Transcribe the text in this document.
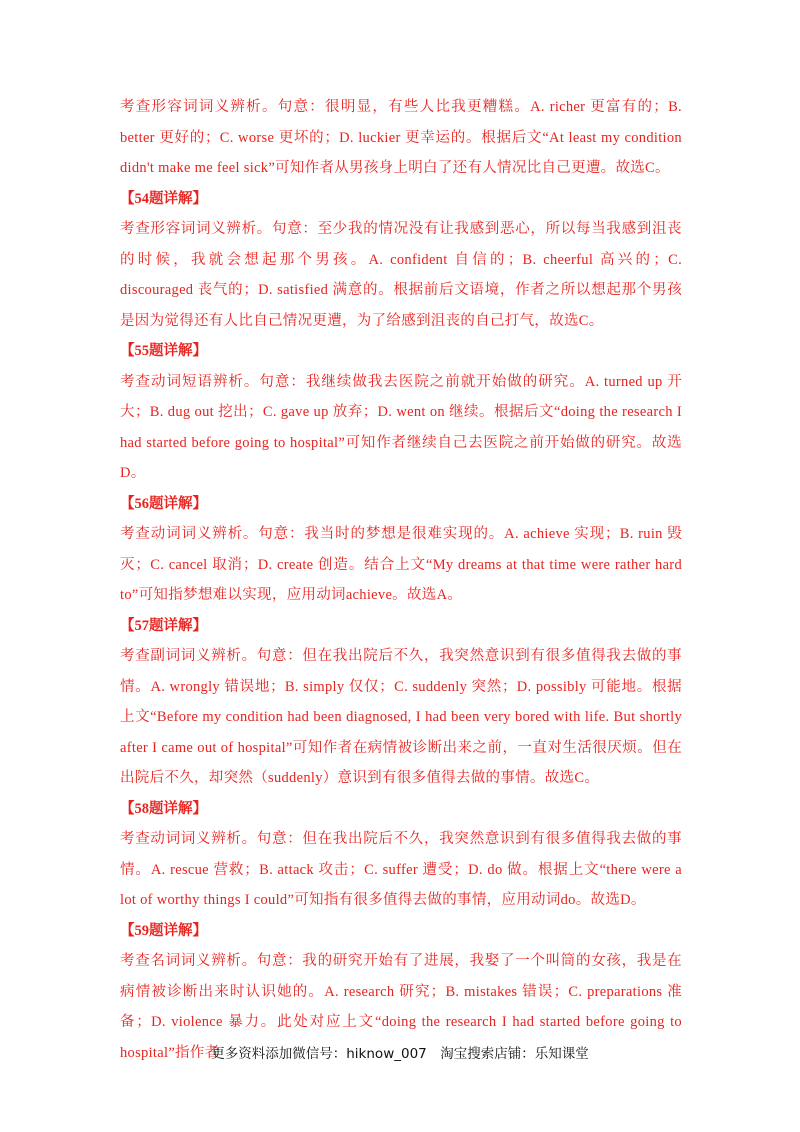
考查形容词词义辨析。句意：很明显，有些人比我更糟糕。A. richer 更富有的；B. better 更好的；C. worse 更坏的；D. luckier 更幸运的。根据后文“At least my condition didn't make me feel sick”可知作者从男孩身上明白了还有人情况比自己更遭。故选C。

【54题详解】

考查形容词词义辨析。句意：至少我的情况没有让我感到恶心，所以每当我感到沮丧的时候，我就会想起那个男孩。A. confident 自信的；B. cheerful 高兴的；C. discouraged 丧气的；D. satisfied 满意的。根据前后文语境，作者之所以想起那个男孩是因为觉得还有人比自己情况更遭，为了给感到沮丧的自己打气，故选C。

【55题详解】

考查动词短语辨析。句意：我继续做我去医院之前就开始做的研究。A. turned up 开大；B. dug out 挖出；C. gave up 放弃；D. went on 继续。根据后文“doing the research I had started before going to hospital”可知作者继续自己去医院之前开始做的研究。故选D。

【56题详解】

考查动词词义辨析。句意：我当时的梦想是很难实现的。A. achieve 实现；B. ruin 毁灭；C. cancel 取消；D. create 创造。结合上文“My dreams at that time were rather hard to”可知指梦想难以实现，应用动词achieve。故选A。

【57题详解】

考查副词词义辨析。句意：但在我出院后不久，我突然意识到有很多值得我去做的事情。A. wrongly 错误地；B. simply 仅仅；C. suddenly 突然；D. possibly 可能地。根据上文“Before my condition had been diagnosed, I had been very bored with life. But shortly after I came out of hospital”可知作者在病情被诊断出来之前，一直对生活很厌烦。但在出院后不久，却突然（suddenly）意识到有很多值得去做的事情。故选C。

【58题详解】

考查动词词义辨析。句意：但在我出院后不久，我突然意识到有很多值得我去做的事情。A. rescue 营救；B. attack 攻击；C. suffer 遭受；D. do 做。根据上文“there were a lot of worthy things I could”可知指有很多值得去做的事情，应用动词do。故选D。

【59题详解】

考查名词词义辨析。句意：我的研究开始有了进展，我娶了一个叫筒的女孩，我是在病情被诊断出来时认识她的。A. research 研究；B. mistakes 错误；C. preparations 准备；D. violence 暴力。此处对应上文“doing the research I had started before going to hospital”指作者

更多资料添加微信号：hiknow_007　淘宝搜索店铺：乐知课堂
